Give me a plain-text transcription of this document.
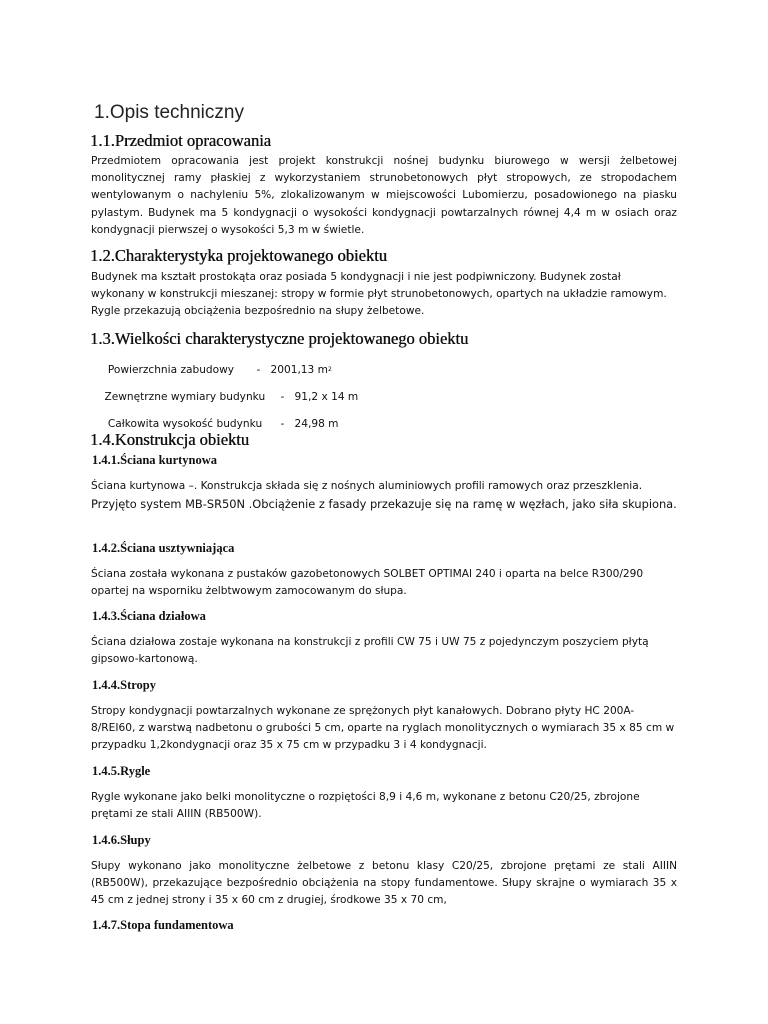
1.Opis techniczny
1.1.Przedmiot opracowania

Przedmiotem opracowania jest projekt konstrukcji nośnej budynku biurowego w wersji żelbetowej monolitycznej ramy płaskiej z wykorzystaniem strunobetonowych płyt stropowych, ze stropodachem wentylowanym o nachyleniu 5%, zlokalizowanym w miejscowości Lubomierzu, posadowionego na piasku pylastym. Budynek ma 5 kondygnacji o wysokości kondygnacji powtarzalnych równej 4,4 m w osiach oraz kondygnacji pierwszej o wysokości 5,3 m w świetle.

1.2.Charakterystyka projektowanego obiektu

Budynek ma kształt prostokąta oraz posiada 5 kondygnacji i nie jest podpiwniczony. Budynek został wykonany w konstrukcji mieszanej: stropy w formie płyt strunobetonowych, opartych na układzie ramowym. Rygle przekazują obciążenia bezpośrednio na słupy żelbetowe.

1.3.Wielkości charakterystyczne projektowanego obiektu

Powierzchnia zabudowy - 2001,13 $m^2$

Zewnętrzne wymiary budynku - 91,2 x 14 m

Całkowita wysokość budynku - 24,98 m

1.4.Konstrukcja obiektu
1.4.1.Ściana kurtynowa

Ściana kurtynowa –. Konstrukcja składa się z nośnych aluminiowych profili ramowych oraz przeszklenia.

Przyjęto system MB-SR50N .Obciążenie z fasady przekazuje się na ramę w węzłach, jako siła skupiona.

1.4.2.Ściana usztywniająca

Ściana została wykonana z pustaków gazobetonowych SOLBET OPTIMAl 240 i oparta na belce R300/290 opartej na wsporniku żelbtwowym zamocowanym do słupa.

1.4.3.Ściana działowa

Ściana działowa zostaje wykonana na konstrukcji z profili CW 75 i UW 75 z pojedynczym poszyciem płytą gipsowo-kartonową.

1.4.4.Stropy

Stropy kondygnacji powtarzalnych wykonane ze sprężonych płyt kanałowych. Dobrano płyty HC 200A-8/REI60, z warstwą nadbetonu o grubości 5 cm, oparte na ryglach monolitycznych o wymiarach 35 x 85 cm w przypadku 1,2kondygnacji oraz 35 x 75 cm w przypadku 3 i 4 kondygnacji.

1.4.5.Rygle

Rygle wykonane jako belki monolityczne o rozpiętości 8,9 i 4,6 m, wykonane z betonu C20/25, zbrojone prętami ze stali AIIIN (RB500W).

1.4.6.Słupy

Słupy wykonano jako monolityczne żelbetowe z betonu klasy C20/25, zbrojone prętami ze stali AIIIN (RB500W), przekazujące bezpośrednio obciążenia na stopy fundamentowe. Słupy skrajne o wymiarach 35 x 45 cm z jednej strony i 35 x 60 cm z drugiej, środkowe 35 x 70 cm,

1.4.7.Stopa fundamentowa
